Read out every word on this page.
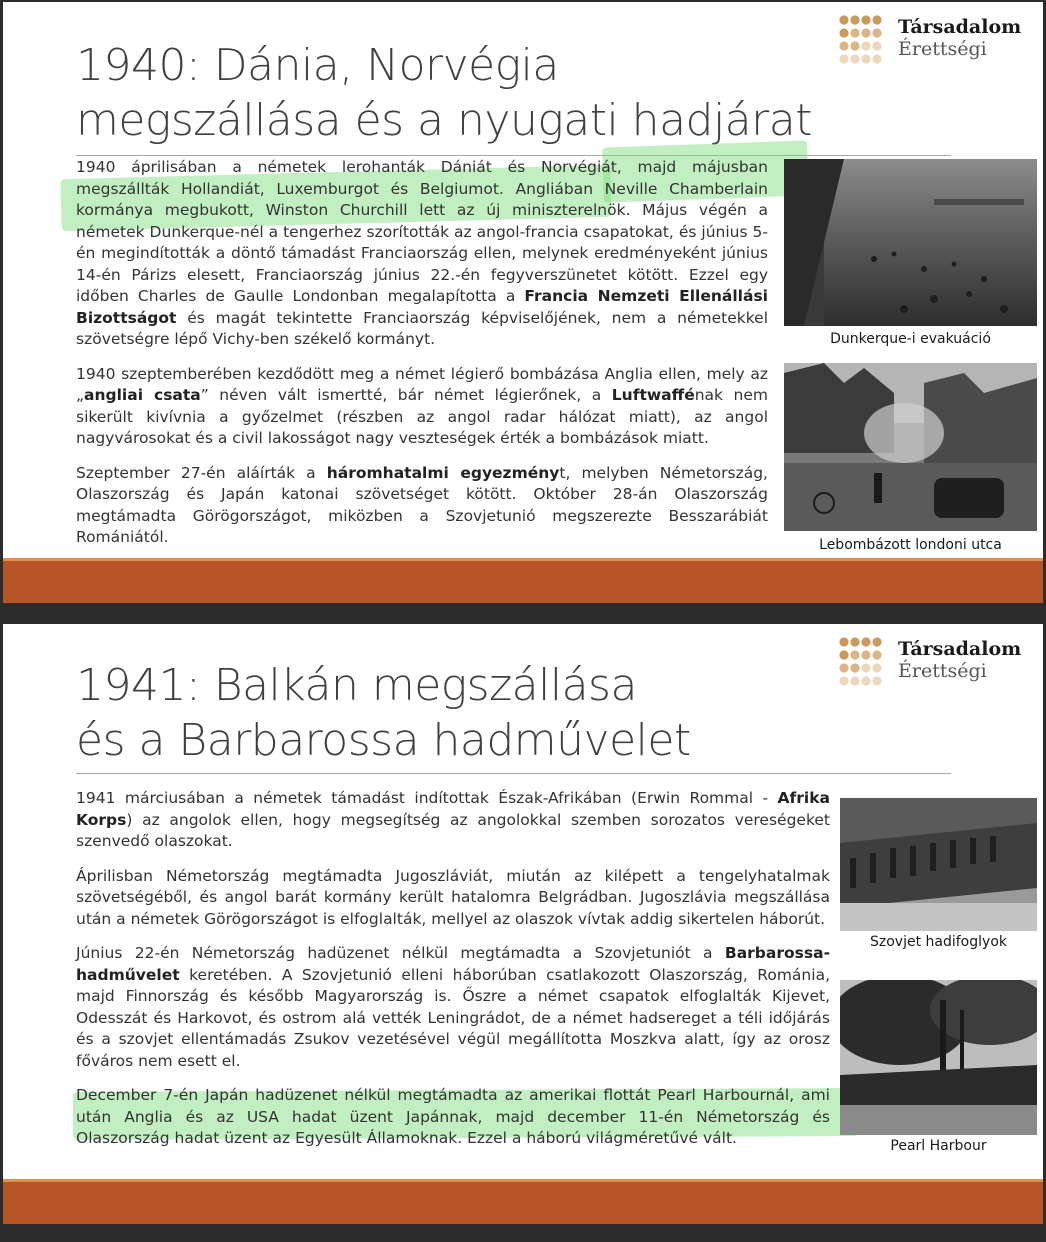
Társadalom
Érettségi
1940: Dánia, Norvégia
megszállása és a nyugati hadjárat

1940 áprilisában a németek lerohanták Dániát és Norvégiát, majd májusban megszállták Hollandiát, Luxemburgot és Belgiumot. Angliában Neville Chamberlain kormánya megbukott, Winston Churchill lett az új miniszterelnök. Május végén a németek Dunkerque-nél a tengerhez szorították az angol-francia csapatokat, és június 5-én megindították a döntő támadást Franciaország ellen, melynek eredményeként június 14-én Párizs elesett, Franciaország június 22.-én fegyverszünetet kötött. Ezzel egy időben Charles de Gaulle Londonban megalapította a Francia Nemzeti Ellenállási Bizottságot és magát tekintette Franciaország képviselőjének, nem a németekkel szövetségre lépő Vichy-ben székelő kormányt.

1940 szeptemberében kezdődött meg a német légierő bombázása Anglia ellen, mely az „angliai csata” néven vált ismertté, bár német légierőnek, a Luftwaffénak nem sikerült kivívnia a győzelmet (részben az angol radar hálózat miatt), az angol nagyvárosokat és a civil lakosságot nagy veszteségek érték a bombázások miatt.

Szeptember 27-én aláírták a háromhatalmi egyezményt, melyben Németország, Olaszország és Japán katonai szövetséget kötött. Október 28-án Olaszország megtámadta Görögországot, miközben a Szovjetunió megszerezte Besszarábiát Romániától.

Dunkerque-i evakuáció
Lebombázott londoni utca
Társadalom
Érettségi
1941: Balkán megszállása
és a Barbarossa hadművelet

1941 márciusában a németek támadást indítottak Észak-Afrikában (Erwin Rommal - Afrika Korps) az angolok ellen, hogy megsegítség az angolokkal szemben sorozatos vereségeket szenvedő olaszokat.

Áprilisban Németország megtámadta Jugoszláviát, miután az kilépett a tengelyhatalmak szövetségéből, és angol barát kormány került hatalomra Belgrádban. Jugoszlávia megszállása után a németek Görögországot is elfoglalták, mellyel az olaszok vívtak addig sikertelen háborút.

Június 22-én Németország hadüzenet nélkül megtámadta a Szovjetuniót a Barbarossa-hadművelet keretében. A Szovjetunió elleni háborúban csatlakozott Olaszország, Románia, majd Finnország és később Magyarország is. Őszre a német csapatok elfoglalták Kijevet, Odesszát és Harkovot, és ostrom alá vették Leningrádot, de a német hadsereget a téli időjárás és a szovjet ellentámadás Zsukov vezetésével végül megállította Moszkva alatt, így az orosz főváros nem esett el.

December 7-én Japán hadüzenet nélkül megtámadta az amerikai flottát Pearl Harbournál, ami után Anglia és az USA hadat üzent Japánnak, majd december 11-én Németország és Olaszország hadat üzent az Egyesült Államoknak. Ezzel a háború világméretűvé vált.

Szovjet hadifoglyok
Pearl Harbour
